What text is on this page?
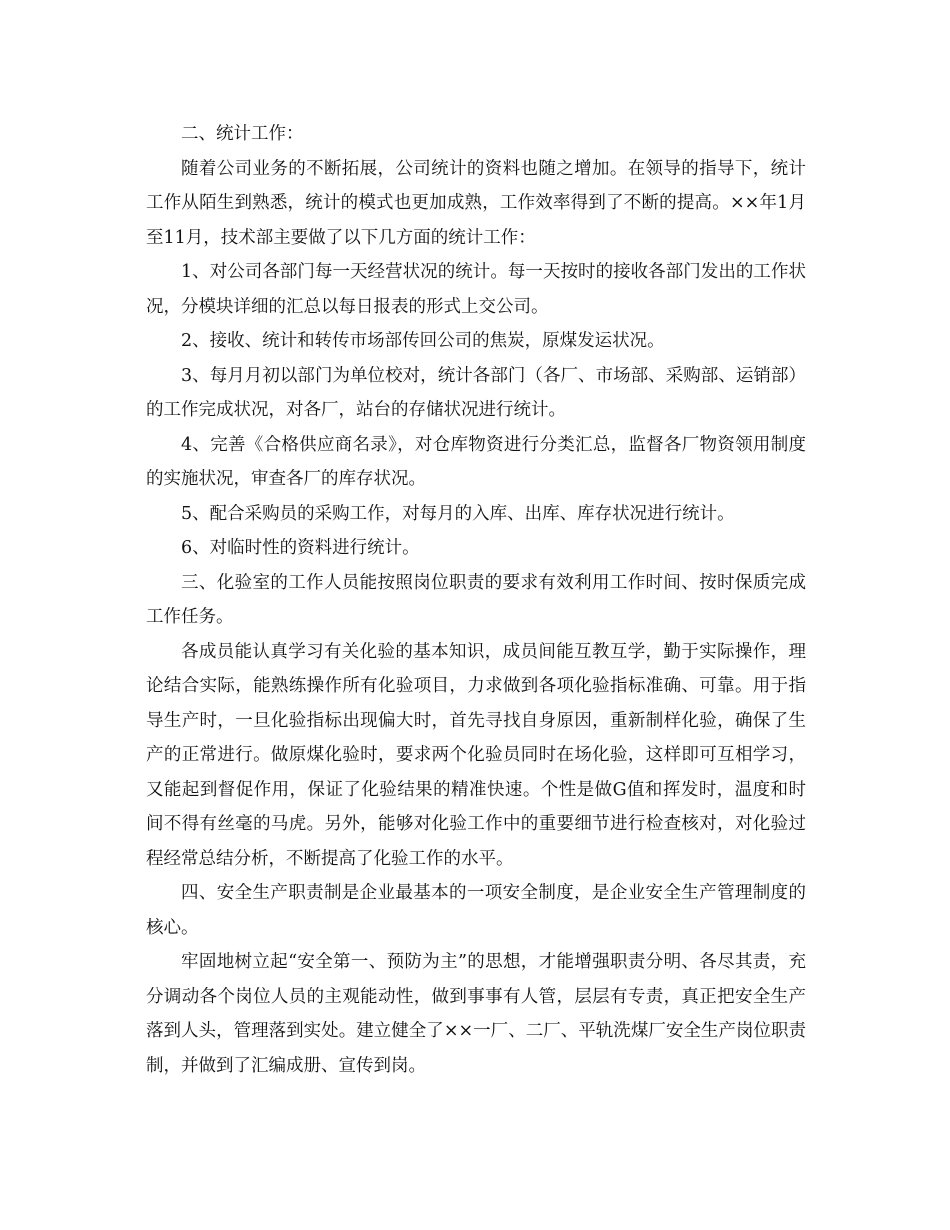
二、统计工作：

随着公司业务的不断拓展，公司统计的资料也随之增加。在领导的指导下，统计工作从陌生到熟悉，统计的模式也更加成熟，工作效率得到了不断的提高。××年1月至11月，技术部主要做了以下几方面的统计工作：

1、对公司各部门每一天经营状况的统计。每一天按时的接收各部门发出的工作状况，分模块详细的汇总以每日报表的形式上交公司。

2、接收、统计和转传市场部传回公司的焦炭，原煤发运状况。

3、每月月初以部门为单位校对，统计各部门（各厂、市场部、采购部、运销部）的工作完成状况，对各厂，站台的存储状况进行统计。

4、完善《合格供应商名录》，对仓库物资进行分类汇总，监督各厂物资领用制度的实施状况，审查各厂的库存状况。

5、配合采购员的采购工作，对每月的入库、出库、库存状况进行统计。

6、对临时性的资料进行统计。

三、化验室的工作人员能按照岗位职责的要求有效利用工作时间、按时保质完成工作任务。

各成员能认真学习有关化验的基本知识，成员间能互教互学，勤于实际操作，理论结合实际，能熟练操作所有化验项目，力求做到各项化验指标准确、可靠。用于指导生产时，一旦化验指标出现偏大时，首先寻找自身原因，重新制样化验，确保了生产的正常进行。做原煤化验时，要求两个化验员同时在场化验，这样即可互相学习，又能起到督促作用，保证了化验结果的精准快速。个性是做G值和挥发时，温度和时间不得有丝毫的马虎。另外，能够对化验工作中的重要细节进行检查核对，对化验过程经常总结分析，不断提高了化验工作的水平。

四、安全生产职责制是企业最基本的一项安全制度，是企业安全生产管理制度的核心。

牢固地树立起“安全第一、预防为主”的思想，才能增强职责分明、各尽其责，充分调动各个岗位人员的主观能动性，做到事事有人管，层层有专责，真正把安全生产落到人头，管理落到实处。建立健全了××一厂、二厂、平轨洗煤厂安全生产岗位职责制，并做到了汇编成册、宣传到岗。
